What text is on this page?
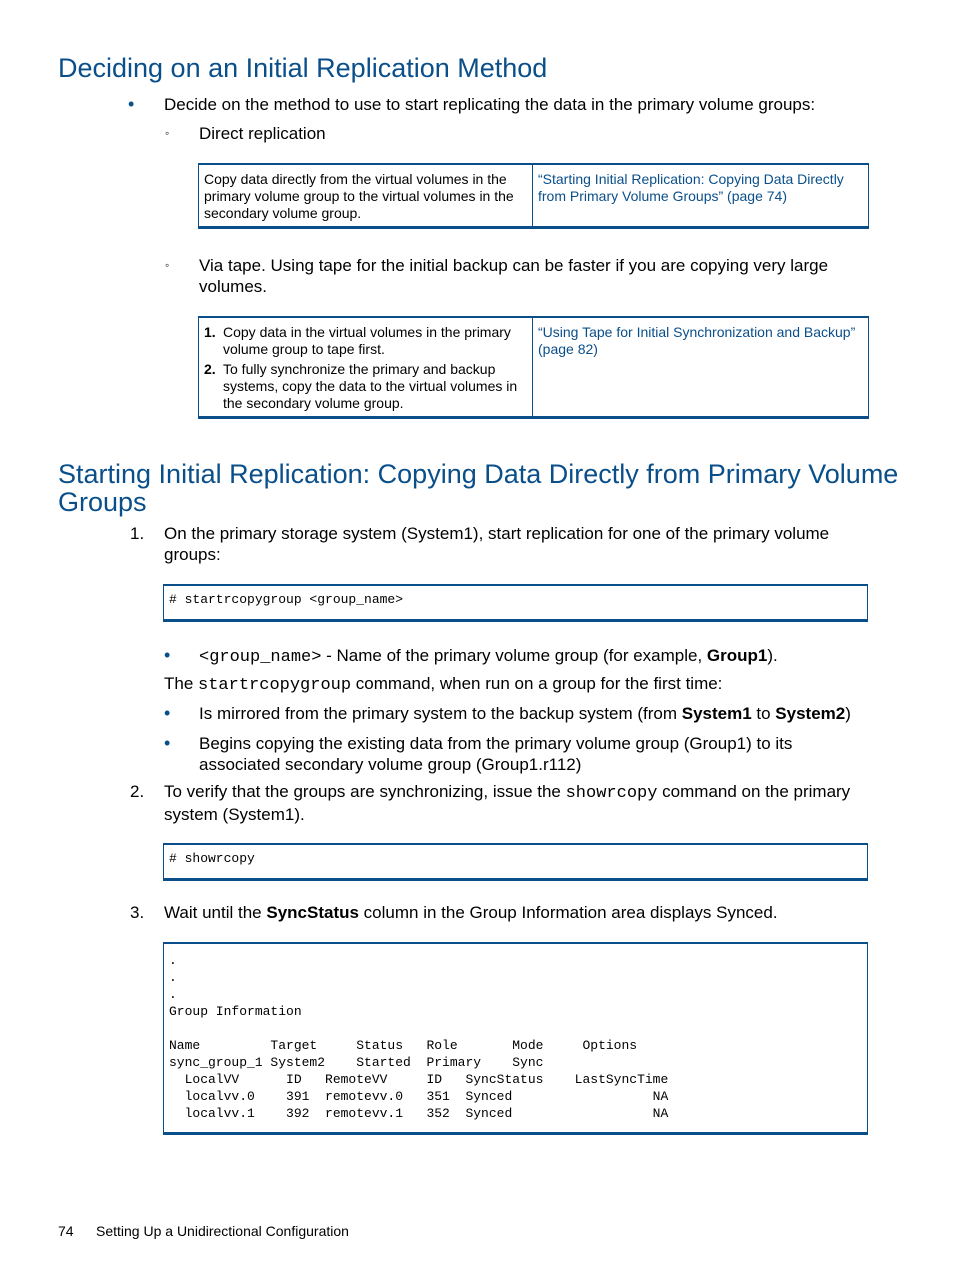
Deciding on an Initial Replication Method
• Decide on the method to use to start replicating the data in the primary volume groups:
◦ Direct replication
Copy data directly from the virtual volumes in the primary volume group to the virtual volumes in the secondary volume group.	“Starting Initial Replication: Copying Data Directly from Primary Volume Groups” (page 74)
◦ Via tape. Using tape for the initial backup can be faster if you are copying very large volumes.
1. Copy data in the virtual volumes in the primary volume group to tape first.
2. To fully synchronize the primary and backup systems, copy the data to the virtual volumes in the secondary volume group.
	“Using Tape for Initial Synchronization and Backup” (page 82)
Starting Initial Replication: Copying Data Directly from Primary Volume Groups
1. On the primary storage system (System1), start replication for one of the primary volume groups:
# startrcopygroup <group_name>
• <group_name> - Name of the primary volume group (for example, Group1).
The startrcopygroup command, when run on a group for the first time:
• Is mirrored from the primary system to the backup system (from System1 to System2)
• Begins copying the existing data from the primary volume group (Group1) to its associated secondary volume group (Group1.r112)
2. To verify that the groups are synchronizing, issue the showrcopy command on the primary system (System1).
# showrcopy
3. Wait until the SyncStatus column in the Group Information area displays Synced.
.
.
.
Group Information

Name         Target     Status   Role       Mode     Options
sync_group_1 System2    Started  Primary    Sync
LocalVV      ID   RemoteVV     ID   SyncStatus    LastSyncTime
localvv.0    391  remotevv.0   351  Synced                  NA
localvv.1    392  remotevv.1   352  Synced                  NA
74 Setting Up a Unidirectional Configuration
